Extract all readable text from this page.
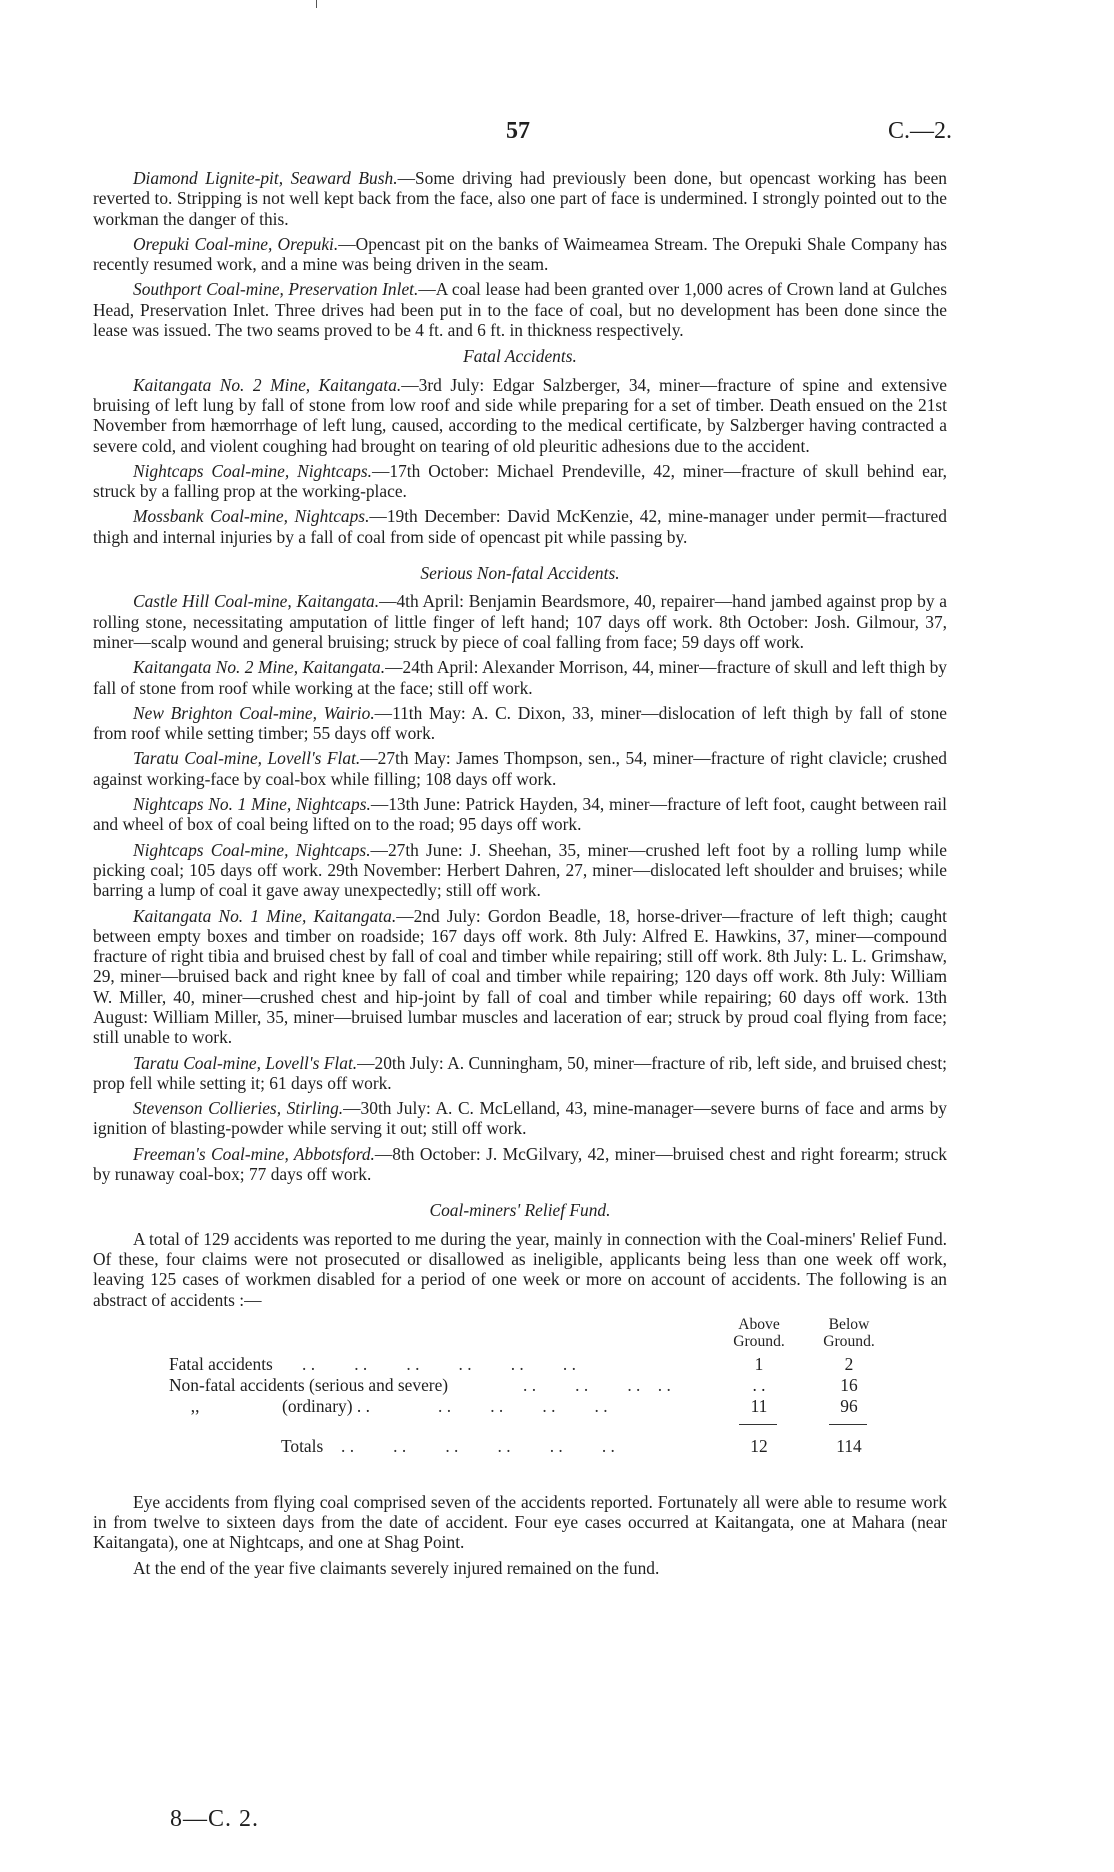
57	C.—2.

Diamond Lignite-pit, Seaward Bush.—Some driving had previously been done, but opencast working has been reverted to. Stripping is not well kept back from the face, also one part of face is undermined. I strongly pointed out to the workman the danger of this.

Orepuki Coal-mine, Orepuki.—Opencast pit on the banks of Waimeamea Stream. The Orepuki Shale Company has recently resumed work, and a mine was being driven in the seam.

Southport Coal-mine, Preservation Inlet.—A coal lease had been granted over 1,000 acres of Crown land at Gulches Head, Preservation Inlet. Three drives had been put in to the face of coal, but no development has been done since the lease was issued. The two seams proved to be 4 ft. and 6 ft. in thickness respectively.

Fatal Accidents.

Kaitangata No. 2 Mine, Kaitangata.—3rd July: Edgar Salzberger, 34, miner—fracture of spine and extensive bruising of left lung by fall of stone from low roof and side while preparing for a set of timber. Death ensued on the 21st November from hæmorrhage of left lung, caused, according to the medical certificate, by Salzberger having contracted a severe cold, and violent coughing had brought on tearing of old pleuritic adhesions due to the accident.

Nightcaps Coal-mine, Nightcaps.—17th October: Michael Prendeville, 42, miner—fracture of skull behind ear, struck by a falling prop at the working-place.

Mossbank Coal-mine, Nightcaps.—19th December: David McKenzie, 42, mine-manager under permit—fractured thigh and internal injuries by a fall of coal from side of opencast pit while passing by.

Serious Non-fatal Accidents.

Castle Hill Coal-mine, Kaitangata.—4th April: Benjamin Beardsmore, 40, repairer—hand jambed against prop by a rolling stone, necessitating amputation of little finger of left hand; 107 days off work. 8th October: Josh. Gilmour, 37, miner—scalp wound and general bruising; struck by piece of coal falling from face; 59 days off work.

Kaitangata No. 2 Mine, Kaitangata.—24th April: Alexander Morrison, 44, miner—fracture of skull and left thigh by fall of stone from roof while working at the face; still off work.

New Brighton Coal-mine, Wairio.—11th May: A. C. Dixon, 33, miner—dislocation of left thigh by fall of stone from roof while setting timber; 55 days off work.

Taratu Coal-mine, Lovell's Flat.—27th May: James Thompson, sen., 54, miner—fracture of right clavicle; crushed against working-face by coal-box while filling; 108 days off work.

Nightcaps No. 1 Mine, Nightcaps.—13th June: Patrick Hayden, 34, miner—fracture of left foot, caught between rail and wheel of box of coal being lifted on to the road; 95 days off work.

Nightcaps Coal-mine, Nightcaps.—27th June: J. Sheehan, 35, miner—crushed left foot by a rolling lump while picking coal; 105 days off work. 29th November: Herbert Dahren, 27, miner—dislocated left shoulder and bruises; while barring a lump of coal it gave away unexpectedly; still off work.

Kaitangata No. 1 Mine, Kaitangata.—2nd July: Gordon Beadle, 18, horse-driver—fracture of left thigh; caught between empty boxes and timber on roadside; 167 days off work. 8th July: Alfred E. Hawkins, 37, miner—compound fracture of right tibia and bruised chest by fall of coal and timber while repairing; still off work. 8th July: L. L. Grimshaw, 29, miner—bruised back and right knee by fall of coal and timber while repairing; 120 days off work. 8th July: William W. Miller, 40, miner—crushed chest and hip-joint by fall of coal and timber while repairing; 60 days off work. 13th August: William Miller, 35, miner—bruised lumbar muscles and laceration of ear; struck by proud coal flying from face; still unable to work.

Taratu Coal-mine, Lovell's Flat.—20th July: A. Cunningham, 50, miner—fracture of rib, left side, and bruised chest; prop fell while setting it; 61 days off work.

Stevenson Collieries, Stirling.—30th July: A. C. McLelland, 43, mine-manager—severe burns of face and arms by ignition of blasting-powder while serving it out; still off work.

Freeman's Coal-mine, Abbotsford.—8th October: J. McGilvary, 42, miner—bruised chest and right forearm; struck by runaway coal-box; 77 days off work.

Coal-miners' Relief Fund.

A total of 129 accidents was reported to me during the year, mainly in connection with the Coal-miners' Relief Fund. Of these, four claims were not prosecuted or disallowed as ineligible, applicants being less than one week off work, leaving 125 cases of workmen disabled for a period of one week or more on account of accidents. The following is an abstract of accidents :—

Above Ground.
Below Ground.
Fatal accidents . .         . .         . .         . .         . .         . .	1	2
Non-fatal accidents (serious and severe)	. .         . .         . .    . .	. .	16
,,                   (ordinary) . .	. .         . .         . .         . .	11	96
Totals . .         . .         . .         . .         . .         . .	12	114

Eye accidents from flying coal comprised seven of the accidents reported. Fortunately all were able to resume work in from twelve to sixteen days from the date of accident. Four eye cases occurred at Kaitangata, one at Mahara (near Kaitangata), one at Nightcaps, and one at Shag Point.

At the end of the year five claimants severely injured remained on the fund.

8—C. 2.
